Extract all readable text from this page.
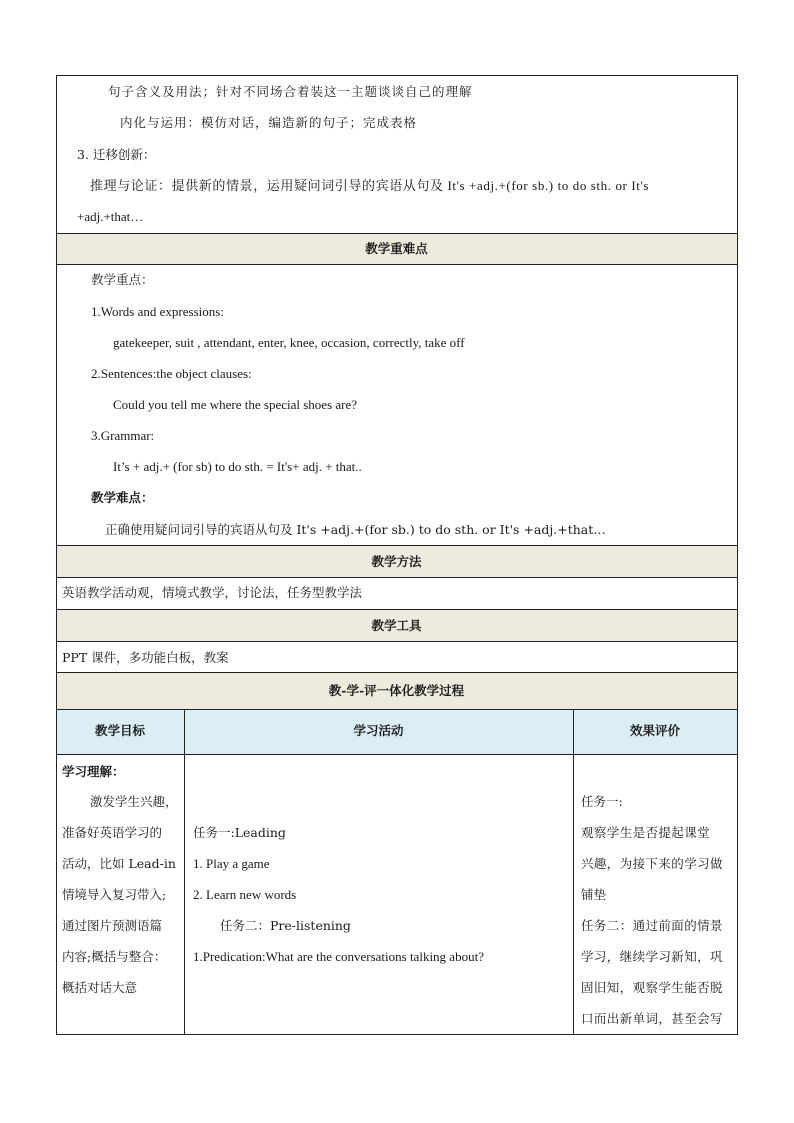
句子含义及用法；针对不同场合着装这一主题谈谈自己的理解
内化与运用：模仿对话，编造新的句子；完成表格
3. 迁移创新：
推理与论证：提供新的情景，运用疑问词引导的宾语从句及 It's +adj.+(for sb.) to do sth. or It's
+adj.+that…
教学重难点
教学重点：
1.Words and expressions:
gatekeeper, suit , attendant, enter, knee, occasion, correctly, take off
2.Sentences:the object clauses:
Could you tell me where the special shoes are?
3.Grammar:
It’s + adj.+ (for sb) to do sth. = It's+ adj. + that..
教学难点：
正确使用疑问词引导的宾语从句及 It's +adj.+(for sb.) to do sth. or It's +adj.+that…
教学方法
英语教学活动观，情境式教学，讨论法，任务型教学法
教学工具
PPT 课件，多功能白板，教案
教-学-评一体化教学过程
教学目标	学习活动	效果评价
学习理解：
激发学生兴趣，
准备好英语学习的
活动，比如 Lead-in
情境导入复习带入;
通过图片预测语篇
内容;概括与整合：
概括对话大意
任务一:Leading
1. Play a game
2. Learn new words
任务二：Pre-listening
1.Predication:What are the conversations talking about?
任务一:
观察学生是否提起课堂
兴趣，为接下来的学习做
铺垫
任务二：通过前面的情景
学习，继续学习新知，巩
固旧知，观察学生能否脱
口而出新单词，甚至会写
